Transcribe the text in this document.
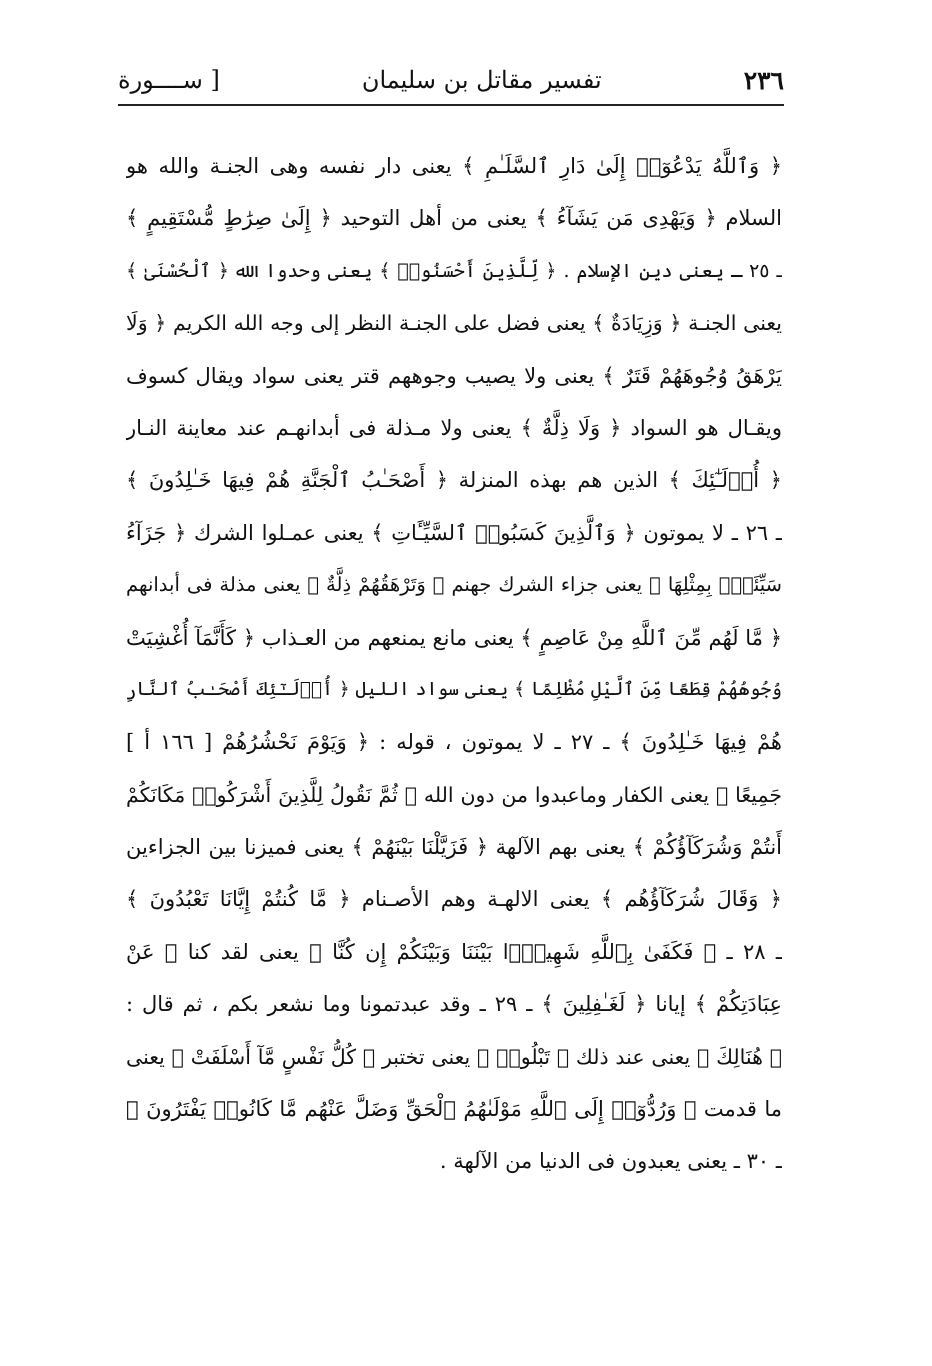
٢٣٦
تفسير مقاتل بن سليمان
[ ســــورة
﴿ وَٱللَّهُ يَدْعُوٓا۟ إِلَىٰ دَارِ ٱلسَّلَـٰمِ ﴾ يعنى دار نفسه وهى الجنـة والله هو
السلام ﴿ وَيَهْدِى مَن يَشَآءُ ﴾ يعنى من أهل التوحيد ﴿ إِلَىٰ صِرَٰطٍ مُّسْتَقِيمٍ ﴾
ـ ٢٥ ـ يعنى دين الإسلام . ﴿ لِّلَّذِينَ أَحْسَنُوا۟ ﴾ يعنى وحدوا الله ﴿ ٱلْحُسْنَىٰ ﴾
يعنى الجنـة ﴿ وَزِيَادَةٌ ﴾ يعنى فضل على الجنـة النظر إلى وجه الله الكريم ﴿ وَلَا
يَرْهَقُ وُجُوهَهُمْ قَتَرٌ ﴾ يعنى ولا يصيب وجوههم قتر يعنى سواد ويقال كسوف
ويقـال هو السواد ﴿ وَلَا ذِلَّةٌ ﴾ يعنى ولا مـذلة فى أبدانهـم عند معاينة النـار
﴿ أُو۟لَـٰٓئِكَ ﴾ الذين هم بهذه المنزلة ﴿ أَصْحَـٰبُ ٱلْجَنَّةِ هُمْ فِيهَا خَـٰلِدُونَ ﴾
ـ ٢٦ ـ لا يموتون ﴿ وَٱلَّذِينَ كَسَبُوا۟ ٱلسَّيِّـَٔاتِ ﴾ يعنى عمـلوا الشرك ﴿ جَزَآءُ
سَيِّئَةٍۭ بِمِثْلِهَا ﴾ يعنى جزاء الشرك جهنم ﴿ وَتَرْهَقُهُمْ ذِلَّةٌ ﴾ يعنى مذلة فى أبدانهم
﴿ مَّا لَهُم مِّنَ ٱللَّهِ مِنْ عَاصِمٍ ﴾ يعنى مانع يمنعهم من العـذاب ﴿ كَأَنَّمَآ أُغْشِيَتْ
وُجُوهُهُمْ قِطَعًا مِّنَ ٱلَّيْلِ مُظْلِمًا ﴾ يعنى سواد الليل ﴿ أُو۟لَـٰٓئِكَ أَصْحَـٰبُ ٱلنَّارِ
هُمْ فِيهَا خَـٰلِدُونَ ﴾ ـ ٢٧ ـ لا يموتون ، قوله : ﴿ وَيَوْمَ نَحْشُرُهُمْ [ ١٦٦ أ ]
جَمِيعًا ﴾ يعنى الكفار وماعبدوا من دون الله ﴿ ثُمَّ نَقُولُ لِلَّذِينَ أَشْرَكُوا۟ مَكَانَكُمْ
أَنتُمْ وَشُرَكَآؤُكُمْ ﴾ يعنى بهم الآلهة ﴿ فَزَيَّلْنَا بَيْنَهُمْ ﴾ يعنى فميزنا بين الجزاءين
﴿ وَقَالَ شُرَكَآؤُهُم ﴾ يعنى الالهـة وهم الأصـنام ﴿ مَّا كُنتُمْ إِيَّانَا تَعْبُدُونَ ﴾
ـ ٢٨ ـ ﴿ فَكَفَىٰ بِٱللَّهِ شَهِيدًۢا بَيْنَنَا وَبَيْنَكُمْ إِن كُنَّا ﴾ يعنى لقد كنا ﴿ عَنْ
عِبَادَتِكُمْ ﴾ إيانا ﴿ لَغَـٰفِلِينَ ﴾ ـ ٢٩ ـ وقد عبدتمونا وما نشعر بكم ، ثم قال :
﴿ هُنَالِكَ ﴾ يعنى عند ذلك ﴿ تَبْلُوا۟ ﴾ يعنى تختبر ﴿ كُلُّ نَفْسٍ مَّآ أَسْلَفَتْ ﴾ يعنى
ما قدمت ﴿ وَرُدُّوٓا۟ إِلَى ٱللَّهِ مَوْلَىٰهُمُ ٱلْحَقِّ وَضَلَّ عَنْهُم مَّا كَانُوا۟ يَفْتَرُونَ ﴾
ـ ٣٠ ـ يعنى يعبدون فى الدنيا من الآلهة .
